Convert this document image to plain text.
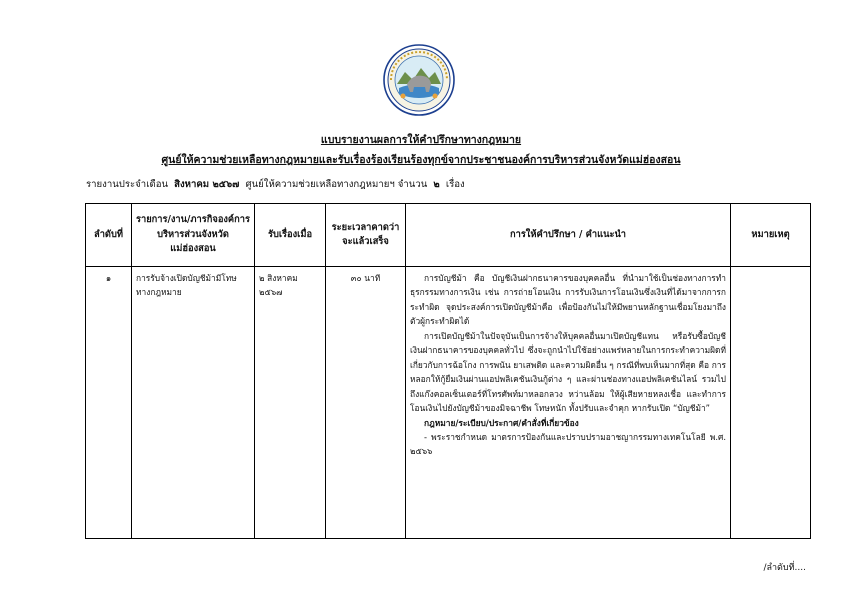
แบบรายงานผลการให้คำปรึกษาทางกฎหมาย
ศูนย์ให้ความช่วยเหลือทางกฎหมายและรับเรื่องร้องเรียนร้องทุกข์จากประชาชนองค์การบริหารส่วนจังหวัดแม่ฮ่องสอน
รายงานประจำเดือน สิงหาคม ๒๕๖๗ ศูนย์ให้ความช่วยเหลือทางกฎหมายฯ จำนวน ๒ เรื่อง
ลำดับที่	รายการ/งาน/ภารกิจองค์การบริหารส่วนจังหวัดแม่ฮ่องสอน	รับเรื่องเมื่อ	ระยะเวลาคาดว่าจะแล้วเสร็จ	การให้คำปรึกษา / คำแนะนำ	หมายเหตุ
๑	การรับจ้างเปิดบัญชีม้ามีโทษทางกฎหมาย	๒ สิงหาคม ๒๕๖๗	๓๐ นาที	การบัญชีม้า คือ บัญชีเงินฝากธนาคารของบุคคลอื่น ที่นำมาใช้เป็นช่องทางการทำธุรกรรมทางการเงิน เช่น การถ่ายโอนเงิน การรับเงินการโอนเงินซึ่งเงินที่ได้มาจากการกระทำผิด จุดประสงค์การเปิดบัญชีม้าคือ เพื่อป้องกันไม่ให้มีพยานหลักฐานเชื่อมโยงมาถึงตัวผู้กระทำผิดได้

การเปิดบัญชีม้าในปัจจุบันเป็นการจ้างให้บุคคลอื่นมาเปิดบัญชีแทน หรือรับซื้อบัญชีเงินฝากธนาคารของบุคคลทั่วไป ซึ่งจะถูกนำไปใช้อย่างแพร่หลายในการกระทำความผิดที่เกี่ยวกับการฉ้อโกง การพนัน ยาเสพติด และความผิดอื่น ๆ กรณีที่พบเห็นมากที่สุด คือ การหลอกให้กู้ยืมเงินผ่านแอปพลิเคชันเงินกู้ต่าง ๆ และผ่านช่องทางแอปพลิเคชันไลน์ รวมไปถึงแก๊งคอลเซ็นเตอร์ที่โทรศัพท์มาหลอกลวง หว่านล้อม ให้ผู้เสียหายหลงเชื่อ และทำการโอนเงินไปยังบัญชีม้าของมิจฉาชีพ โทษหนัก ทั้งปรับและจำคุก หากรับเปิด “บัญชีม้า”

กฎหมาย/ระเบียบ/ประกาศ/คำสั่งที่เกี่ยวข้อง

- พระราชกำหนด มาตรการป้องกันและปราบปรามอาชญากรรมทางเทคโนโลยี พ.ศ. ๒๕๖๖	

/ลำดับที่....
